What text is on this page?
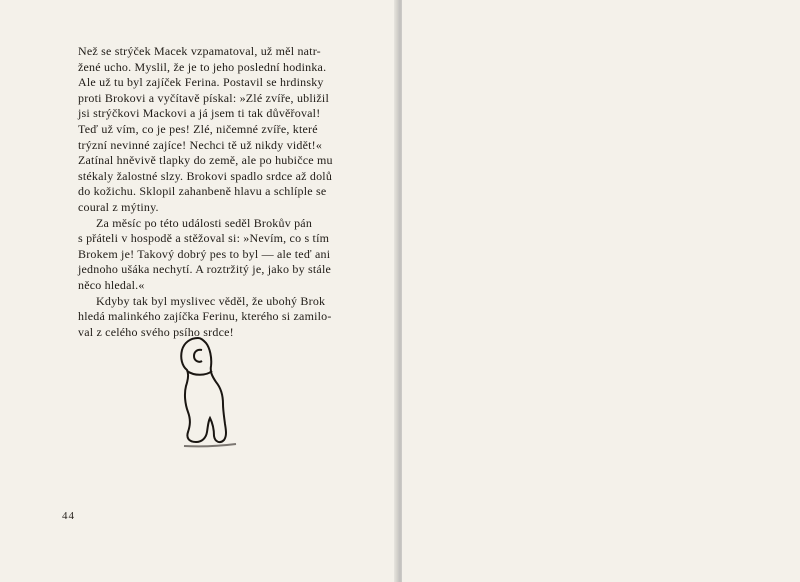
Než se strýček Macek vzpamatoval, už měl natr-
žené ucho. Myslil, že je to jeho poslední hodinka.
Ale už tu byl zajíček Ferina. Postavil se hrdinsky
proti Brokovi a vyčítavě pískal: »Zlé zvíře, ubližil
jsi strýčkovi Mackovi a já jsem ti tak důvěřoval!
Teď už vím, co je pes! Zlé, ničemné zvíře, které
trýzní nevinné zajíce! Nechci tě už nikdy vidět!«
Zatínal hněvivě tlapky do země, ale po hubičce mu
stékaly žalostné slzy. Brokovi spadlo srdce až dolů
do kožichu. Sklopil zahanbeně hlavu a schlíple se
coural z mýtiny.

Za měsíc po této události seděl Brokův pán
s přáteli v hospodě a stěžoval si: »Nevím, co s tím
Brokem je! Takový dobrý pes to byl — ale teď ani
jednoho ušáka nechytí. A roztržitý je, jako by stále
něco hledal.«

Kdyby tak byl myslivec věděl, že ubohý Brok
hledá malinkého zajíčka Ferinu, kterého si zamilo-
val z celého svého psího srdce!

44
